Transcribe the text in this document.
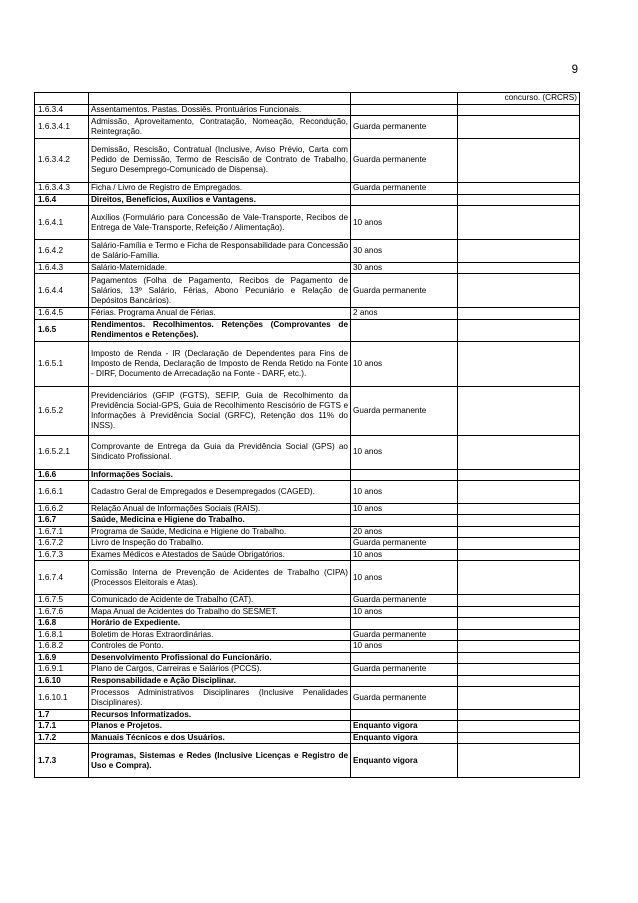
9
			concurso. (CRCRS)
1.6.3.4	Assentamentos. Pastas. Dossiês. Prontuários Funcionais.		
1.6.3.4.1	Admissão, Aproveitamento, Contratação, Nomeação, Recondução, Reintegração.	Guarda permanente	
1.6.3.4.2	Demissão, Rescisão, Contratual (Inclusive, Aviso Prévio, Carta com Pedido de Demissão, Termo de Rescisão de Contrato de Trabalho, Seguro Desemprego-Comunicado de Dispensa).	Guarda permanente	
1.6.3.4.3	Ficha / Livro de Registro de Empregados.	Guarda permanente	
1.6.4	Direitos, Benefícios, Auxílios e Vantagens.		
1.6.4.1	Auxílios (Formulário para Concessão de Vale-Transporte, Recibos de Entrega de Vale-Transporte, Refeição / Alimentação).	10 anos	
1.6.4.2	Salário-Família e Termo e Ficha de Responsabilidade para Concessão de Salário-Família.	30 anos	
1.6.4.3	Salário-Maternidade.	30 anos	
1.6.4.4	Pagamentos (Folha de Pagamento, Recibos de Pagamento de Salários, 13º Salário, Férias, Abono Pecuniário e Relação de Depósitos Bancários).	Guarda permanente	
1.6.4.5	Férias. Programa Anual de Férias.	2 anos	
1.6.5	Rendimentos. Recolhimentos. Retenções (Comprovantes de Rendimentos e Retenções).		
1.6.5.1	Imposto de Renda - IR (Declaração de Dependentes para Fins de Imposto de Renda, Declaração de Imposto de Renda Retido na Fonte - DIRF, Documento de Arrecadação na Fonte - DARF, etc.).	10 anos	
1.6.5.2	Previdenciários (GFIP (FGTS), SEFIP, Guia de Recolhimento da Previdência Social-GPS, Guia de Recolhimento Rescisório de FGTS e Informações à Previdência Social (GRFC), Retenção dos 11% do INSS).	Guarda permanente	
1.6.5.2.1	Comprovante de Entrega da Guia da Previdência Social (GPS) ao Sindicato Profissional.	10 anos	
1.6.6	Informações Sociais.		
1.6.6.1	Cadastro Geral de Empregados e Desempregados (CAGED).	10 anos	
1.6.6.2	Relação Anual de Informações Sociais (RAIS).	10 anos	
1.6.7	Saúde, Medicina e Higiene do Trabalho.		
1.6.7.1	Programa de Saúde, Medicina e Higiene do Trabalho.	20 anos	
1.6.7.2	Livro de Inspeção do Trabalho.	Guarda permanente	
1.6.7.3	Exames Médicos e Atestados de Saúde Obrigatórios.	10 anos	
1.6.7.4	Comissão Interna de Prevenção de Acidentes de Trabalho (CIPA) (Processos Eleitorais e Atas).	10 anos	
1.6.7.5	Comunicado de Acidente de Trabalho (CAT).	Guarda permanente	
1.6.7.6	Mapa Anual de Acidentes do Trabalho do SESMET.	10 anos	
1.6.8	Horário de Expediente.		
1.6.8.1	Boletim de Horas Extraordinárias.	Guarda permanente	
1.6.8.2	Controles de Ponto.	10 anos	
1.6.9	Desenvolvimento Profissional do Funcionário.		
1.6.9.1	Plano de Cargos, Carreiras e Salários (PCCS).	Guarda permanente	
1.6.10	Responsabilidade e Ação Disciplinar.		
1.6.10.1	Processos Administrativos Disciplinares (Inclusive Penalidades Disciplinares).	Guarda permanente	
1.7	Recursos Informatizados.		
1.7.1	Planos e Projetos.	Enquanto vigora	
1.7.2	Manuais Técnicos e dos Usuários.	Enquanto vigora	
1.7.3	Programas, Sistemas e Redes (Inclusive Licenças e Registro de Uso e Compra).	Enquanto vigora	
